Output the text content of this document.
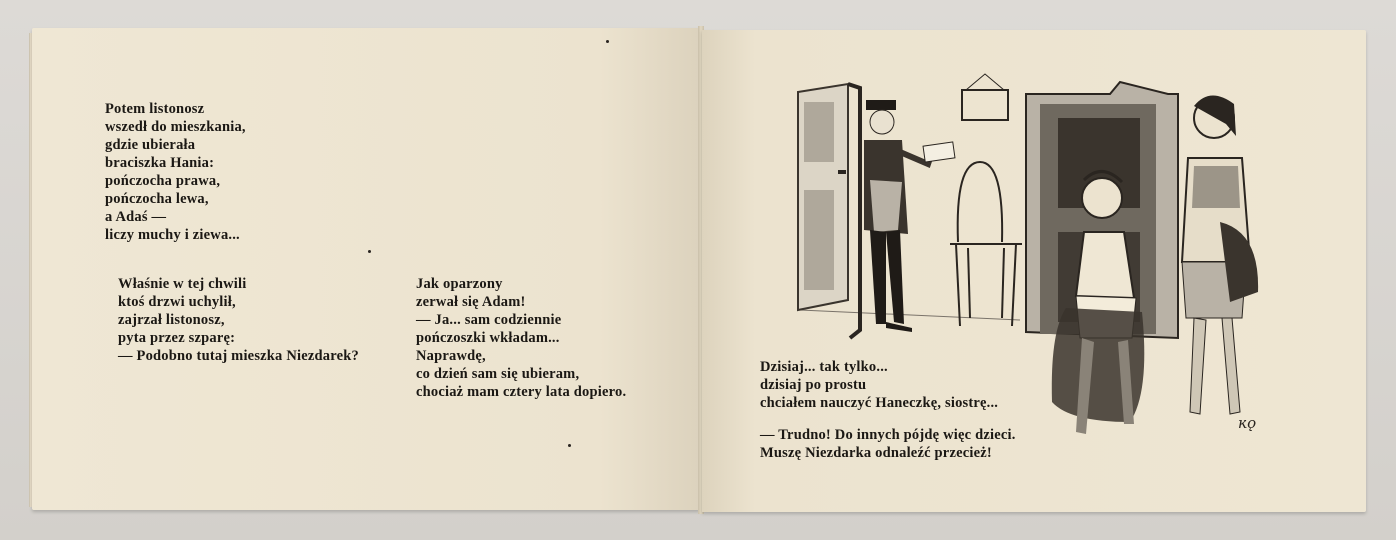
Potem listonosz
wszedł do mieszkania,
gdzie ubierała
braciszka Hania:
pończocha prawa,
pończocha lewa,
a Adaś —
liczy muchy i ziewa...
Właśnie w tej chwili
ktoś drzwi uchylił,
zajrzał listonosz,
pyta przez szparę:
— Podobno tutaj mieszka Niezdarek?
Jak oparzony
zerwał się Adam!
— Ja... sam codziennie
pończoszki wkładam...
Naprawdę,
co dzień sam się ubieram,
chociaż mam cztery lata dopiero.
Dzisiaj... tak tylko...
dzisiaj po prostu
chciałem nauczyć Haneczkę, siostrę...
— Trudno! Do innych pójdę więc dzieci.
Muszę Niezdarka odnaleźć przecież!
ĸǫ
